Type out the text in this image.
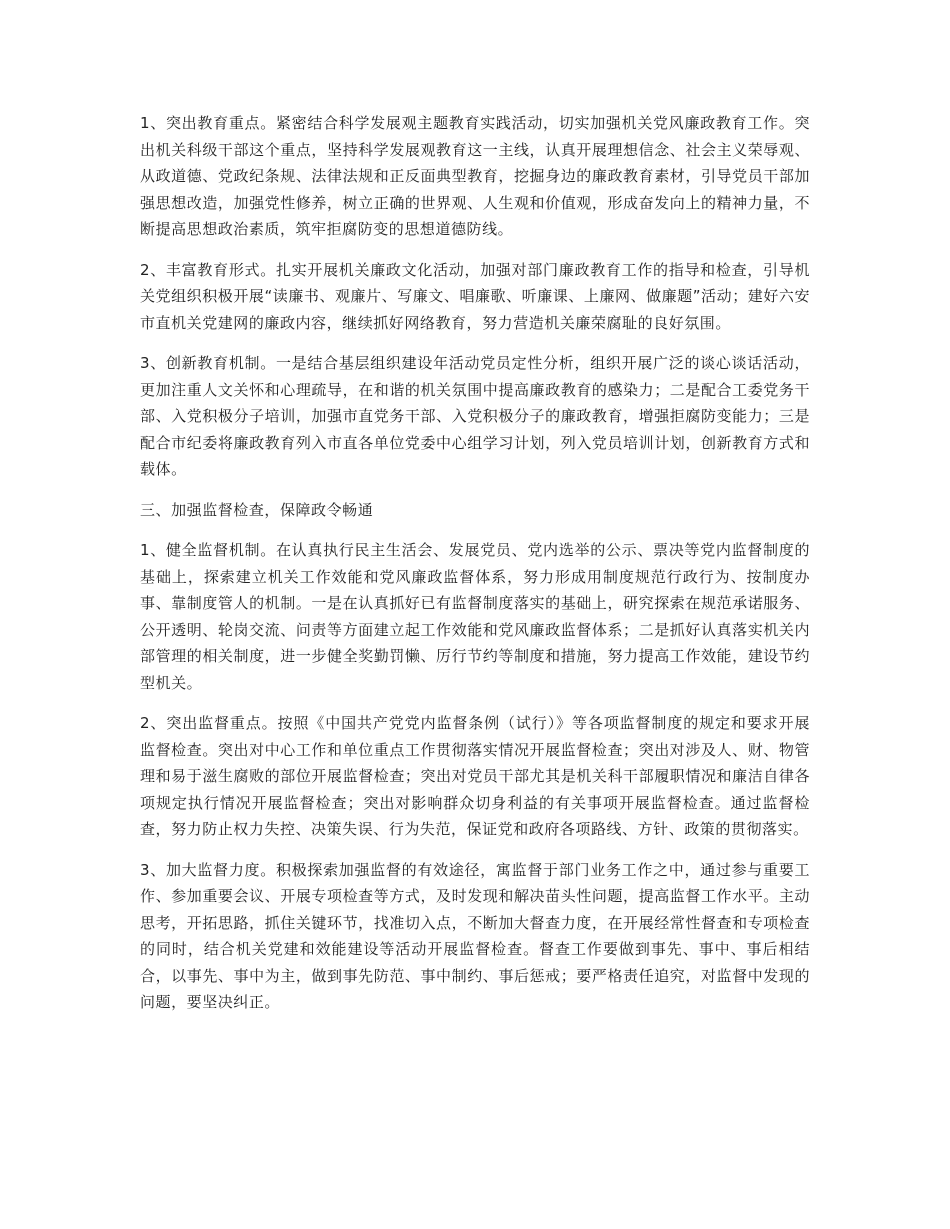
1、突出教育重点。紧密结合科学发展观主题教育实践活动，切实加强机关党风廉政教育工作。突出机关科级干部这个重点，坚持科学发展观教育这一主线，认真开展理想信念、社会主义荣辱观、从政道德、党政纪条规、法律法规和正反面典型教育，挖掘身边的廉政教育素材，引导党员干部加强思想改造，加强党性修养，树立正确的世界观、人生观和价值观，形成奋发向上的精神力量，不断提高思想政治素质，筑牢拒腐防变的思想道德防线。

2、丰富教育形式。扎实开展机关廉政文化活动，加强对部门廉政教育工作的指导和检查，引导机关党组织积极开展“读廉书、观廉片、写廉文、唱廉歌、听廉课、上廉网、做廉题”活动；建好六安市直机关党建网的廉政内容，继续抓好网络教育，努力营造机关廉荣腐耻的良好氛围。

3、创新教育机制。一是结合基层组织建设年活动党员定性分析，组织开展广泛的谈心谈话活动，更加注重人文关怀和心理疏导，在和谐的机关氛围中提高廉政教育的感染力；二是配合工委党务干部、入党积极分子培训，加强市直党务干部、入党积极分子的廉政教育，增强拒腐防变能力；三是配合市纪委将廉政教育列入市直各单位党委中心组学习计划，列入党员培训计划，创新教育方式和载体。

三、加强监督检查，保障政令畅通

1、健全监督机制。在认真执行民主生活会、发展党员、党内选举的公示、票决等党内监督制度的基础上，探索建立机关工作效能和党风廉政监督体系，努力形成用制度规范行政行为、按制度办事、靠制度管人的机制。一是在认真抓好已有监督制度落实的基础上，研究探索在规范承诺服务、公开透明、轮岗交流、问责等方面建立起工作效能和党风廉政监督体系；二是抓好认真落实机关内部管理的相关制度，进一步健全奖勤罚懒、厉行节约等制度和措施，努力提高工作效能，建设节约型机关。

2、突出监督重点。按照《中国共产党党内监督条例（试行）》等各项监督制度的规定和要求开展监督检查。突出对中心工作和单位重点工作贯彻落实情况开展监督检查；突出对涉及人、财、物管理和易于滋生腐败的部位开展监督检查；突出对党员干部尤其是机关科干部履职情况和廉洁自律各项规定执行情况开展监督检查；突出对影响群众切身利益的有关事项开展监督检查。通过监督检查，努力防止权力失控、决策失误、行为失范，保证党和政府各项路线、方针、政策的贯彻落实。

3、加大监督力度。积极探索加强监督的有效途径，寓监督于部门业务工作之中，通过参与重要工作、参加重要会议、开展专项检查等方式，及时发现和解决苗头性问题，提高监督工作水平。主动思考，开拓思路，抓住关键环节，找准切入点，不断加大督查力度，在开展经常性督查和专项检查的同时，结合机关党建和效能建设等活动开展监督检查。督查工作要做到事先、事中、事后相结合，以事先、事中为主，做到事先防范、事中制约、事后惩戒；要严格责任追究，对监督中发现的问题，要坚决纠正。
